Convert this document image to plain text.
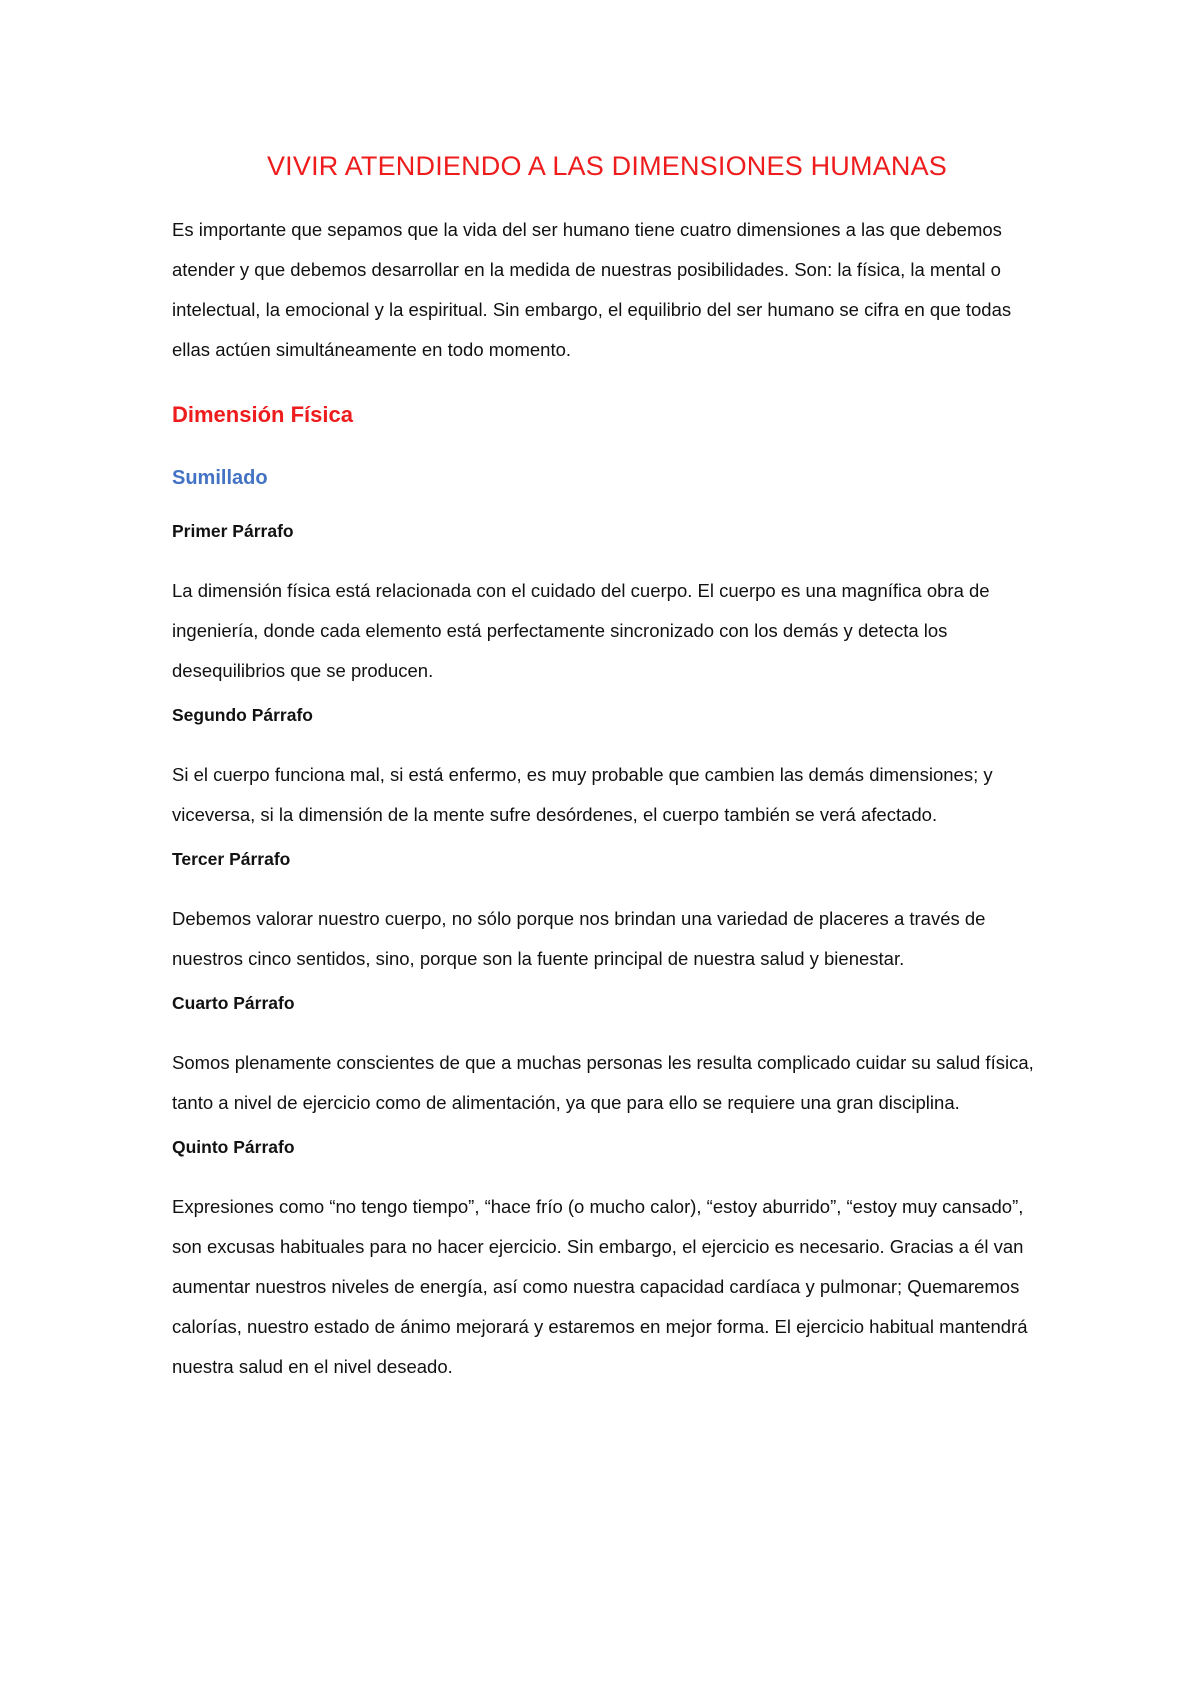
VIVIR ATENDIENDO A LAS DIMENSIONES HUMANAS

Es importante que sepamos que la vida del ser humano tiene cuatro dimensiones a las que debemos atender y que debemos desarrollar en la medida de nuestras posibilidades. Son: la física, la mental o intelectual, la emocional y la espiritual. Sin embargo, el equilibrio del ser humano se cifra en que todas ellas actúen simultáneamente en todo momento.

Dimensión Física
Sumillado
Primer Párrafo

La dimensión física está relacionada con el cuidado del cuerpo. El cuerpo es una magnífica obra de ingeniería, donde cada elemento está perfectamente sincronizado con los demás y detecta los desequilibrios que se producen.

Segundo Párrafo

Si el cuerpo funciona mal, si está enfermo, es muy probable que cambien las demás dimensiones; y viceversa, si la dimensión de la mente sufre desórdenes, el cuerpo también se verá afectado.

Tercer Párrafo

Debemos valorar nuestro cuerpo, no sólo porque nos brindan una variedad de placeres a través de nuestros cinco sentidos, sino, porque son la fuente principal de nuestra salud y bienestar.

Cuarto Párrafo

Somos plenamente conscientes de que a muchas personas les resulta complicado cuidar su salud física, tanto a nivel de ejercicio como de alimentación, ya que para ello se requiere una gran disciplina.

Quinto Párrafo

Expresiones como “no tengo tiempo”, “hace frío (o mucho calor), “estoy aburrido”, “estoy muy cansado”, son excusas habituales para no hacer ejercicio. Sin embargo, el ejercicio es necesario. Gracias a él van aumentar nuestros niveles de energía, así como nuestra capacidad cardíaca y pulmonar; Quemaremos calorías, nuestro estado de ánimo mejorará y estaremos en mejor forma. El ejercicio habitual mantendrá nuestra salud en el nivel deseado.
